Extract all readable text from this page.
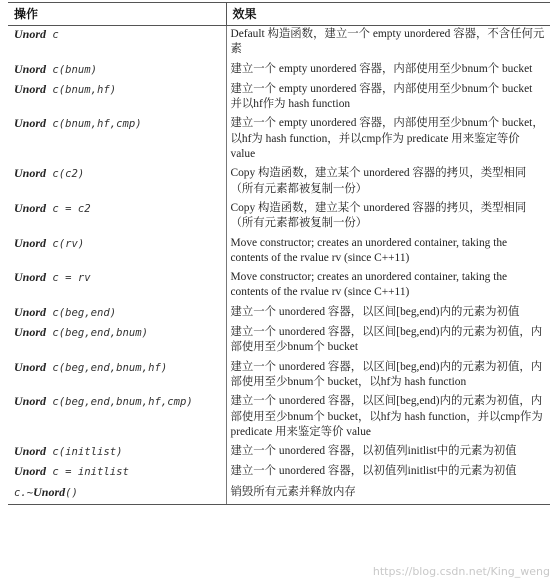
操作	效果
Unord c	Default 构造函数，建立一个 empty unordered 容器，不含任何元素
Unord c(bnum)	建立一个 empty unordered 容器，内部使用至少bnum个 bucket
Unord c(bnum,hf)	建立一个 empty unordered 容器，内部使用至少bnum个 bucket 并以hf作为 hash function
Unord c(bnum,hf,cmp)	建立一个 empty unordered 容器，内部使用至少bnum个 bucket，以hf为 hash function，并以cmp作为 predicate 用来鉴定等价 value
Unord c(c2)	Copy 构造函数，建立某个 unordered 容器的拷贝，类型相同（所有元素都被复制一份）
Unord c = c2	Copy 构造函数，建立某个 unordered 容器的拷贝，类型相同（所有元素都被复制一份）
Unord c(rv)	Move constructor; creates an unordered container, taking the contents of the rvalue rv (since C++11)
Unord c = rv	Move constructor; creates an unordered container, taking the contents of the rvalue rv (since C++11)
Unord c(beg,end)	建立一个 unordered 容器，以区间[beg,end)内的元素为初值
Unord c(beg,end,bnum)	建立一个 unordered 容器，以区间[beg,end)内的元素为初值，内部使用至少bnum个 bucket
Unord c(beg,end,bnum,hf)	建立一个 unordered 容器，以区间[beg,end)内的元素为初值，内部使用至少bnum个 bucket，以hf为 hash function
Unord c(beg,end,bnum,hf,cmp)	建立一个 unordered 容器，以区间[beg,end)内的元素为初值，内部使用至少bnum个 bucket，以hf为 hash function，并以cmp作为 predicate 用来鉴定等价 value
Unord c(initlist)	建立一个 unordered 容器，以初值列initlist中的元素为初值
Unord c = initlist	建立一个 unordered 容器，以初值列initlist中的元素为初值
c.~Unord()	销毁所有元素并释放内存
https://blog.csdn.net/King_weng
